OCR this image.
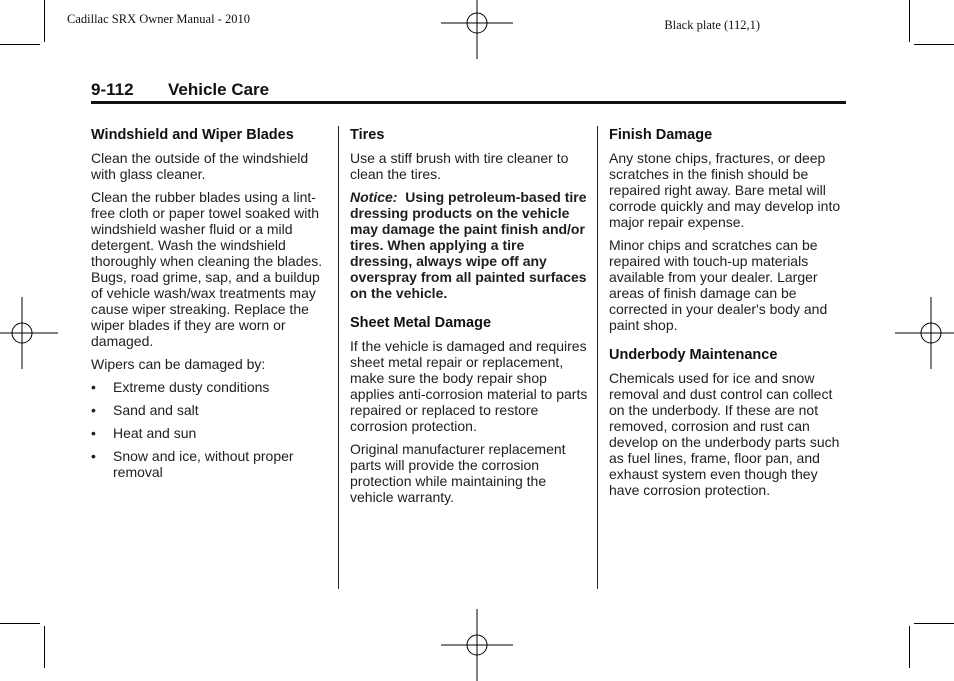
Cadillac SRX Owner Manual - 2010	Black plate (112,1)
9-112 Vehicle Care
Windshield and Wiper Blades

Clean the outside of the windshield with glass cleaner.

Clean the rubber blades using a lint-free cloth or paper towel soaked with windshield washer fluid or a mild detergent. Wash the windshield thoroughly when cleaning the blades. Bugs, road grime, sap, and a buildup of vehicle wash/wax treatments may cause wiper streaking. Replace the wiper blades if they are worn or damaged.

Wipers can be damaged by:

• Extreme dusty conditions
• Sand and salt
• Heat and sun
• Snow and ice, without proper removal
Tires

Use a stiff brush with tire cleaner to clean the tires.

Notice: Using petroleum-based tire dressing products on the vehicle may damage the paint finish and/or tires. When applying a tire dressing, always wipe off any overspray from all painted surfaces on the vehicle.

Sheet Metal Damage

If the vehicle is damaged and requires sheet metal repair or replacement, make sure the body repair shop applies anti-corrosion material to parts repaired or replaced to restore corrosion protection.

Original manufacturer replacement parts will provide the corrosion protection while maintaining the vehicle warranty.

Finish Damage

Any stone chips, fractures, or deep scratches in the finish should be repaired right away. Bare metal will corrode quickly and may develop into major repair expense.

Minor chips and scratches can be repaired with touch-up materials available from your dealer. Larger areas of finish damage can be corrected in your dealer's body and paint shop.

Underbody Maintenance

Chemicals used for ice and snow removal and dust control can collect on the underbody. If these are not removed, corrosion and rust can develop on the underbody parts such as fuel lines, frame, floor pan, and exhaust system even though they have corrosion protection.
